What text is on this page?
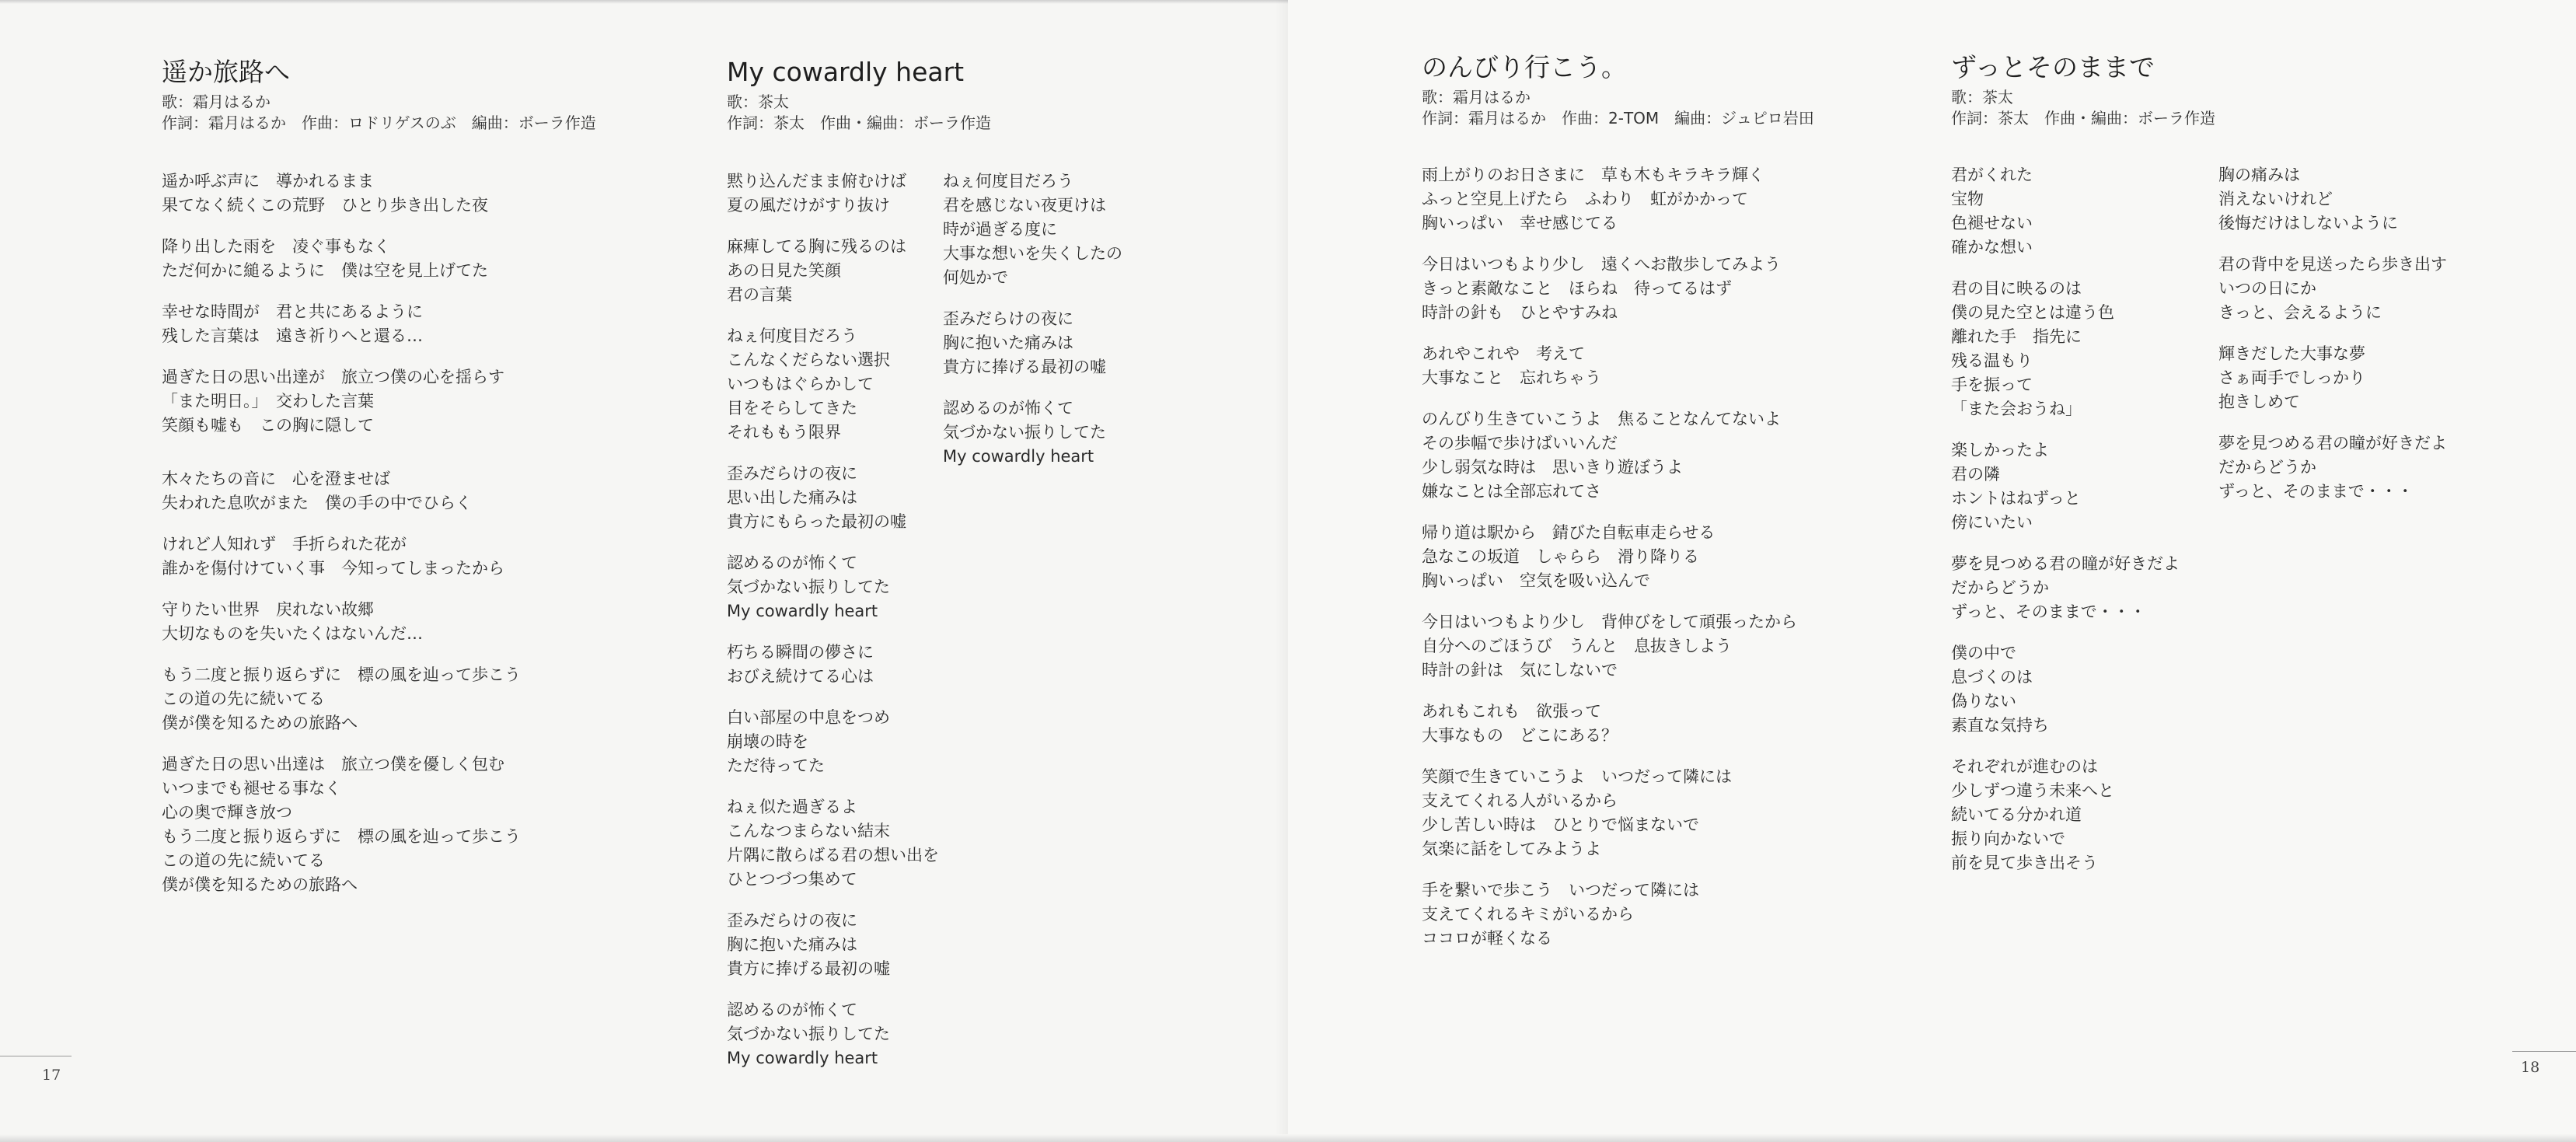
遥か旅路へ
歌：霜月はるか
作詞：霜月はるか　作曲：ロドリゲスのぶ　編曲：ボーラ作造
遥か呼ぶ声に　導かれるまま
果てなく続くこの荒野　ひとり歩き出した夜
降り出した雨を　凌ぐ事もなく
ただ何かに縋るように　僕は空を見上げてた
幸せな時間が　君と共にあるように
残した言葉は　遠き祈りへと還る…
過ぎた日の思い出達が　旅立つ僕の心を揺らす
「また明日。」　交わした言葉
笑顔も嘘も　この胸に隠して
木々たちの音に　心を澄ませば
失われた息吹がまた　僕の手の中でひらく
けれど人知れず　手折られた花が
誰かを傷付けていく事　今知ってしまったから
守りたい世界　戻れない故郷
大切なものを失いたくはないんだ…
もう二度と振り返らずに　標の風を辿って歩こう
この道の先に続いてる
僕が僕を知るための旅路へ
過ぎた日の思い出達は　旅立つ僕を優しく包む
いつまでも褪せる事なく
心の奥で輝き放つ
もう二度と振り返らずに　標の風を辿って歩こう
この道の先に続いてる
僕が僕を知るための旅路へ
My cowardly heart
歌：茶太
作詞：茶太　作曲・編曲：ボーラ作造
黙り込んだまま俯むけば
夏の風だけがすり抜け
麻痺してる胸に残るのは
あの日見た笑顔
君の言葉
ねぇ何度目だろう
こんなくだらない選択
いつもはぐらかして
目をそらしてきた
それももう限界
歪みだらけの夜に
思い出した痛みは
貴方にもらった最初の嘘
認めるのが怖くて
気づかない振りしてた
My cowardly heart
朽ちる瞬間の儚さに
おびえ続けてる心は
白い部屋の中息をつめ
崩壊の時を
ただ待ってた
ねぇ似た過ぎるよ
こんなつまらない結末
片隅に散らばる君の想い出を
ひとつづつ集めて
歪みだらけの夜に
胸に抱いた痛みは
貴方に捧げる最初の嘘
認めるのが怖くて
気づかない振りしてた
My cowardly heart
ねぇ何度目だろう
君を感じない夜更けは
時が過ぎる度に
大事な想いを失くしたの
何処かで
歪みだらけの夜に
胸に抱いた痛みは
貴方に捧げる最初の嘘
認めるのが怖くて
気づかない振りしてた
My cowardly heart
17
のんびり行こう。
歌：霜月はるか
作詞：霜月はるか　作曲：2-TOM　編曲：ジュピロ岩田
雨上がりのお日さまに　草も木もキラキラ輝く
ふっと空見上げたら　ふわり　虹がかかって
胸いっぱい　幸せ感じてる
今日はいつもより少し　遠くへお散歩してみよう
きっと素敵なこと　ほらね　待ってるはず
時計の針も　ひとやすみね
あれやこれや　考えて
大事なこと　忘れちゃう
のんびり生きていこうよ　焦ることなんてないよ
その歩幅で歩けばいいんだ
少し弱気な時は　思いきり遊ぼうよ
嫌なことは全部忘れてさ
帰り道は駅から　錆びた自転車走らせる
急なこの坂道　しゃらら　滑り降りる
胸いっぱい　空気を吸い込んで
今日はいつもより少し　背伸びをして頑張ったから
自分へのごほうび　うんと　息抜きしよう
時計の針は　気にしないで
あれもこれも　欲張って
大事なもの　どこにある？
笑顔で生きていこうよ　いつだって隣には
支えてくれる人がいるから
少し苦しい時は　ひとりで悩まないで
気楽に話をしてみようよ
手を繋いで歩こう　いつだって隣には
支えてくれるキミがいるから
ココロが軽くなる
ずっとそのままで
歌：茶太
作詞：茶太　作曲・編曲：ボーラ作造
君がくれた
宝物
色褪せない
確かな想い
君の目に映るのは
僕の見た空とは違う色
離れた手　指先に
残る温もり
手を振って
「また会おうね」
楽しかったよ
君の隣
ホントはねずっと
傍にいたい
夢を見つめる君の瞳が好きだよ
だからどうか
ずっと、そのままで・・・
僕の中で
息づくのは
偽りない
素直な気持ち
それぞれが進むのは
少しずつ違う未来へと
続いてる分かれ道
振り向かないで
前を見て歩き出そう
胸の痛みは
消えないけれど
後悔だけはしないように
君の背中を見送ったら歩き出す
いつの日にか
きっと、会えるように
輝きだした大事な夢
さぁ両手でしっかり
抱きしめて
夢を見つめる君の瞳が好きだよ
だからどうか
ずっと、そのままで・・・
18
